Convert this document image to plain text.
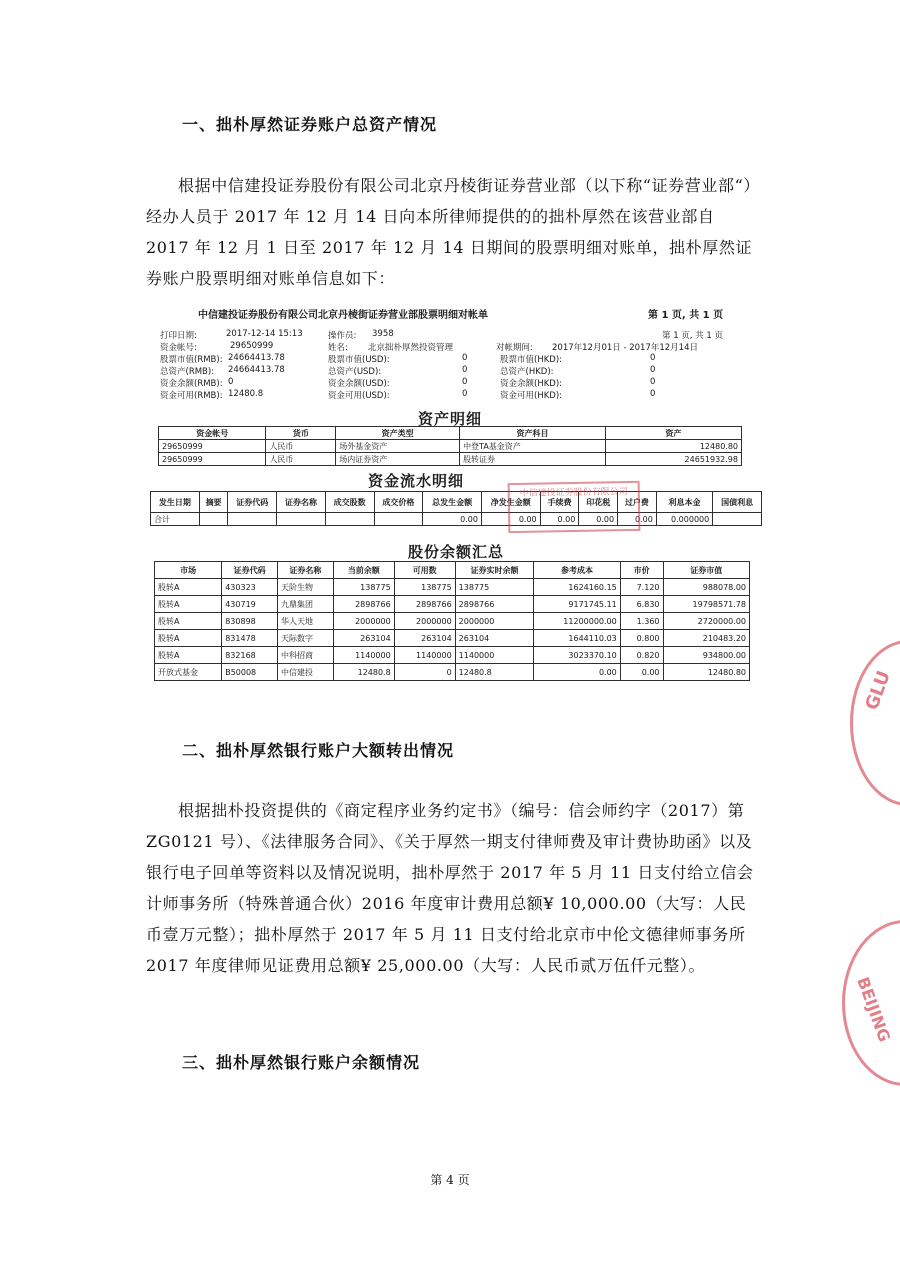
一、拙朴厚然证券账户总资产情况
根据中信建投证券股份有限公司北京丹棱街证券营业部（以下称“证券营业部“）经办人员于 2017 年 12 月 14 日向本所律师提供的的拙朴厚然在该营业部自 2017 年 12 月 1 日至 2017 年 12 月 14 日期间的股票明细对账单，拙朴厚然证券账户股票明细对账单信息如下：
中信建投证券股份有限公司北京丹棱街证券营业部股票明细对帐单	第 1 页, 共 1 页
打印日期:	2017-12-14 15:13	操作员: 3958	第 1 页, 共 1 页
资金帐号:	29650999	姓名: 北京拙朴厚然投资管理	对帐期间: 2017年12月01日 - 2017年12月14日
股票市值(RMB): 24664413.78	股票市值(USD):	0	股票市值(HKD):	0
总资产(RMB): 24664413.78	总资产(USD):	0	总资产(HKD):	0
资金余额(RMB): 0	资金余额(USD):	0	资金余额(HKD):	0
资金可用(RMB): 12480.8	资金可用(USD):	0	资金可用(HKD):	0
资产明细
资金帐号	货币	资产类型	资产科目	资产
29650999	人民币	场外基金资产	中登TA基金资产	12480.80
29650999	人民币	场内证券资产	股转证券	24651932.98
资金流水明细
发生日期	摘要	证券代码	证券名称	成交股数	成交价格	总发生金额	净发生金额	手续费	印花税	过户费	利息本金	国债利息
合计						0.00	0.00	0.00	0.00	0.00	0.000000	
股份余额汇总
市场	证券代码	证券名称	当前余额	可用数	证券实时余额	参考成本	市价	证券市值
股转A	430323	天阶生物	138775	138775	138775	1624160.15	7.120	988078.00
股转A	430719	九鼎集团	2898766	2898766	2898766	9171745.11	6.830	19798571.78
股转A	830898	华人天地	2000000	2000000	2000000	11200000.00	1.360	2720000.00
股转A	831478	天际数字	263104	263104	263104	1644110.03	0.800	210483.20
股转A	832168	中科招商	1140000	1140000	1140000	3023370.10	0.820	934800.00
开放式基金	B50008	中信建投	12480.8	0	12480.8	0.00	0.00	12480.80
中信建投证券股份有限公司
二、拙朴厚然银行账户大额转出情况
根据拙朴投资提供的《商定程序业务约定书》（编号：信会师约字（2017）第 ZG0121 号）、《法律服务合同》、《关于厚然一期支付律师费及审计费协助函》以及银行电子回单等资料以及情况说明，拙朴厚然于 2017 年 5 月 11 日支付给立信会计师事务所（特殊普通合伙）2016 年度审计费用总额¥ 10,000.00（大写：人民币壹万元整）；拙朴厚然于 2017 年 5 月 11 日支付给北京市中伦文德律师事务所 2017 年度律师见证费用总额¥ 25,000.00（大写：人民币贰万伍仟元整）。
三、拙朴厚然银行账户余额情况
第 4 页
GLU
BEIJING
